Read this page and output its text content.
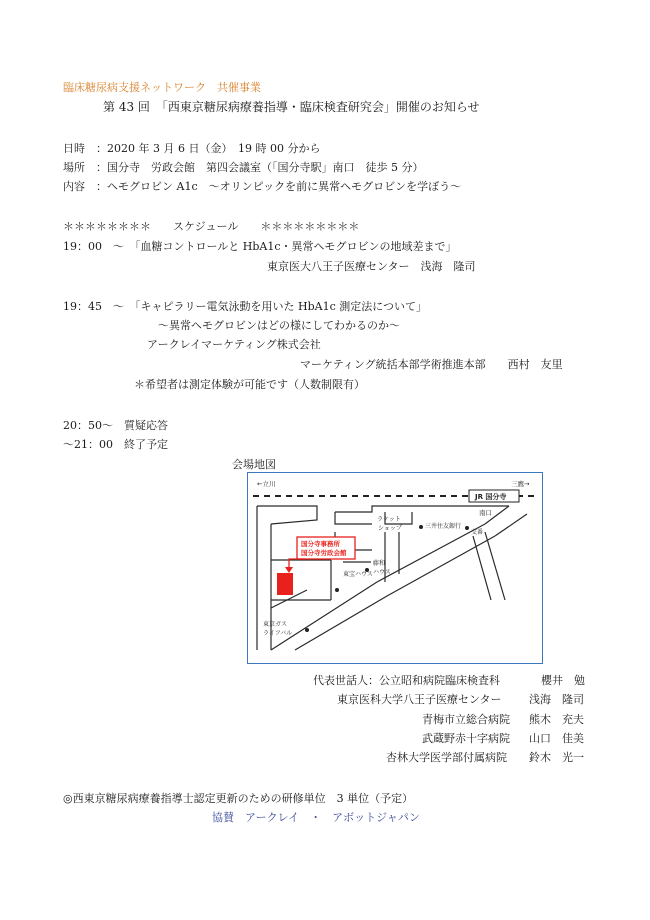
臨床糖尿病支援ネットワーク　共催事業
第 43 回　「西東京糖尿病療養指導・臨床検査研究会」開催のお知らせ
日時　：2020 年 3 月 6 日（金）　19 時 00 分から
場所　：国分寺　労政会館　第四会議室（「国分寺駅」南口　徒歩 5 分）
内容　：ヘモグロビン A1c　～オリンピックを前に異常ヘモグロビンを学ぼう～
＊＊＊＊＊＊＊＊　　スケジュール　　＊＊＊＊＊＊＊＊＊
19：00　～　「血糖コントロールと HbA1c・異常ヘモグロビンの地域差まで」
東京医大八王子医療センター　浅海　隆司
19：45　～　「キャピラリー電気泳動を用いた HbA1c 測定法について」
～異常ヘモグロビンはどの様にしてわかるのか～
アークレイマーケティング株式会社
マーケティング統括本部学術推進本部　　西村　友里
＊希望者は測定体験が可能です（人数制限有）
20：50～　質疑応答
～21：00　終了予定
会場地図
←立川	三鷹→
JR 国分寺
南口
国分寺事務所
国分寺労政会館
ラケット
ショップ	三井住友銀行
交番
藤和
ハウス
東宝ハウス
東京ガス
ライフバル
代表世話人：公立昭和病院臨床検査科	櫻井　勉
東京医科大学八王子医療センター 浅海　隆司
青梅市立総合病院 熊木　充夫
武蔵野赤十字病院 山口　佳美
杏林大学医学部付属病院 鈴木　光一
◎西東京糖尿病療養指導士認定更新のための研修単位　3 単位（予定）
協賛　アークレイ　・　アボットジャパン
